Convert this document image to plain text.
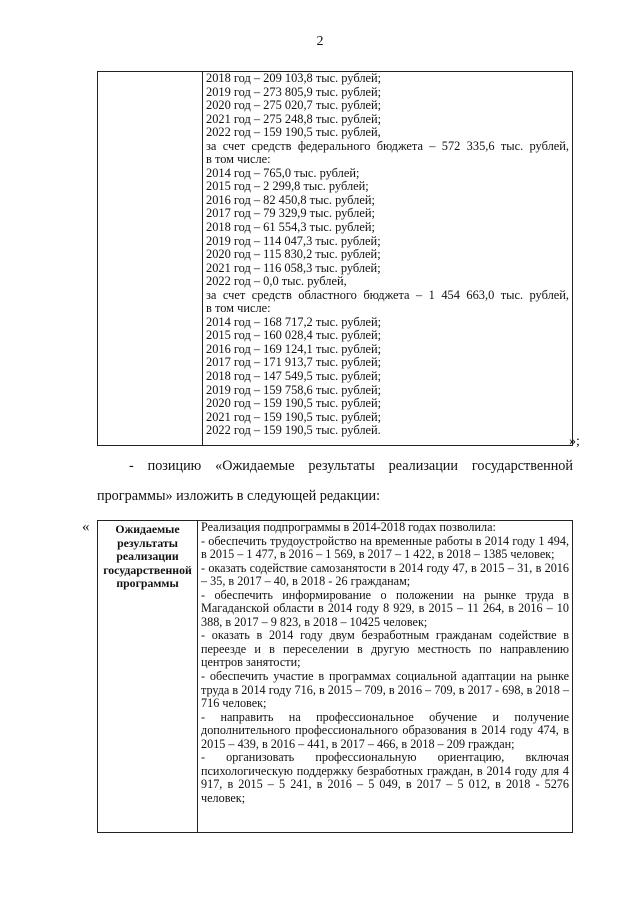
2

2018 год – 209 103,8 тыс. рублей;
2019 год – 273 805,9 тыс. рублей;
2020 год – 275 020,7 тыс. рублей;
2021 год – 275 248,8 тыс. рублей;
2022 год – 159 190,5 тыс. рублей,
за счет средств федерального бюджета – 572 335,6 тыс. рублей,
в том числе:
2014 год – 765,0 тыс. рублей;
2015 год – 2 299,8 тыс. рублей;
2016 год – 82 450,8 тыс. рублей;
2017 год – 79 329,9 тыс. рублей;
2018 год – 61 554,3 тыс. рублей;
2019 год – 114 047,3 тыс. рублей;
2020 год – 115 830,2 тыс. рублей;
2021 год – 116 058,3 тыс. рублей;
2022 год – 0,0 тыс. рублей,
за счет средств областного бюджета – 1 454 663,0 тыс. рублей,
в том числе:
2014 год – 168 717,2 тыс. рублей;
2015 год – 160 028,4 тыс. рублей;
2016 год – 169 124,1 тыс. рублей;
2017 год – 171 913,7 тыс. рублей;
2018 год – 147 549,5 тыс. рублей;
2019 год – 159 758,6 тыс. рублей;
2020 год – 159 190,5 тыс. рублей;
2021 год – 159 190,5 тыс. рублей;
2022 год – 159 190,5 тыс. рублей.
»;
- позицию «Ожидаемые результаты реализации государственной
программы» изложить в следующей редакции:
«	Ожидаемые
результаты
реализации
государственной
программы

Реализация подпрограммы в 2014-2018 годах позволила:
- обеспечить трудоустройство на временные работы в 2014 году 1 494, в 2015 – 1 477, в 2016 – 1 569, в 2017 – 1 422, в 2018 – 1385 человек;
- оказать содействие самозанятости в 2014 году 47, в 2015 – 31, в 2016 – 35, в 2017 – 40, в 2018 - 26 гражданам;
- обеспечить информирование о положении на рынке труда в Магаданской области в 2014 году 8 929, в 2015 – 11 264, в 2016 – 10 388, в 2017 – 9 823, в 2018 – 10425 человек;
- оказать в 2014 году двум безработным гражданам содействие в переезде и в переселении в другую местность по направлению центров занятости;
- обеспечить участие в программах социальной адаптации на рынке труда в 2014 году 716, в 2015 – 709, в 2016 – 709, в 2017 - 698, в 2018 – 716 человек;
- направить на профессиональное обучение и получение дополнительного профессионального образования в 2014 году 474, в 2015 – 439, в 2016 – 441, в 2017 – 466, в 2018 – 209 граждан;
- организовать профессиональную ориентацию, включая психологическую поддержку безработных граждан, в 2014 году для 4 917, в 2015 – 5 241, в 2016 – 5 049, в 2017 – 5 012, в 2018 - 5276 человек;
